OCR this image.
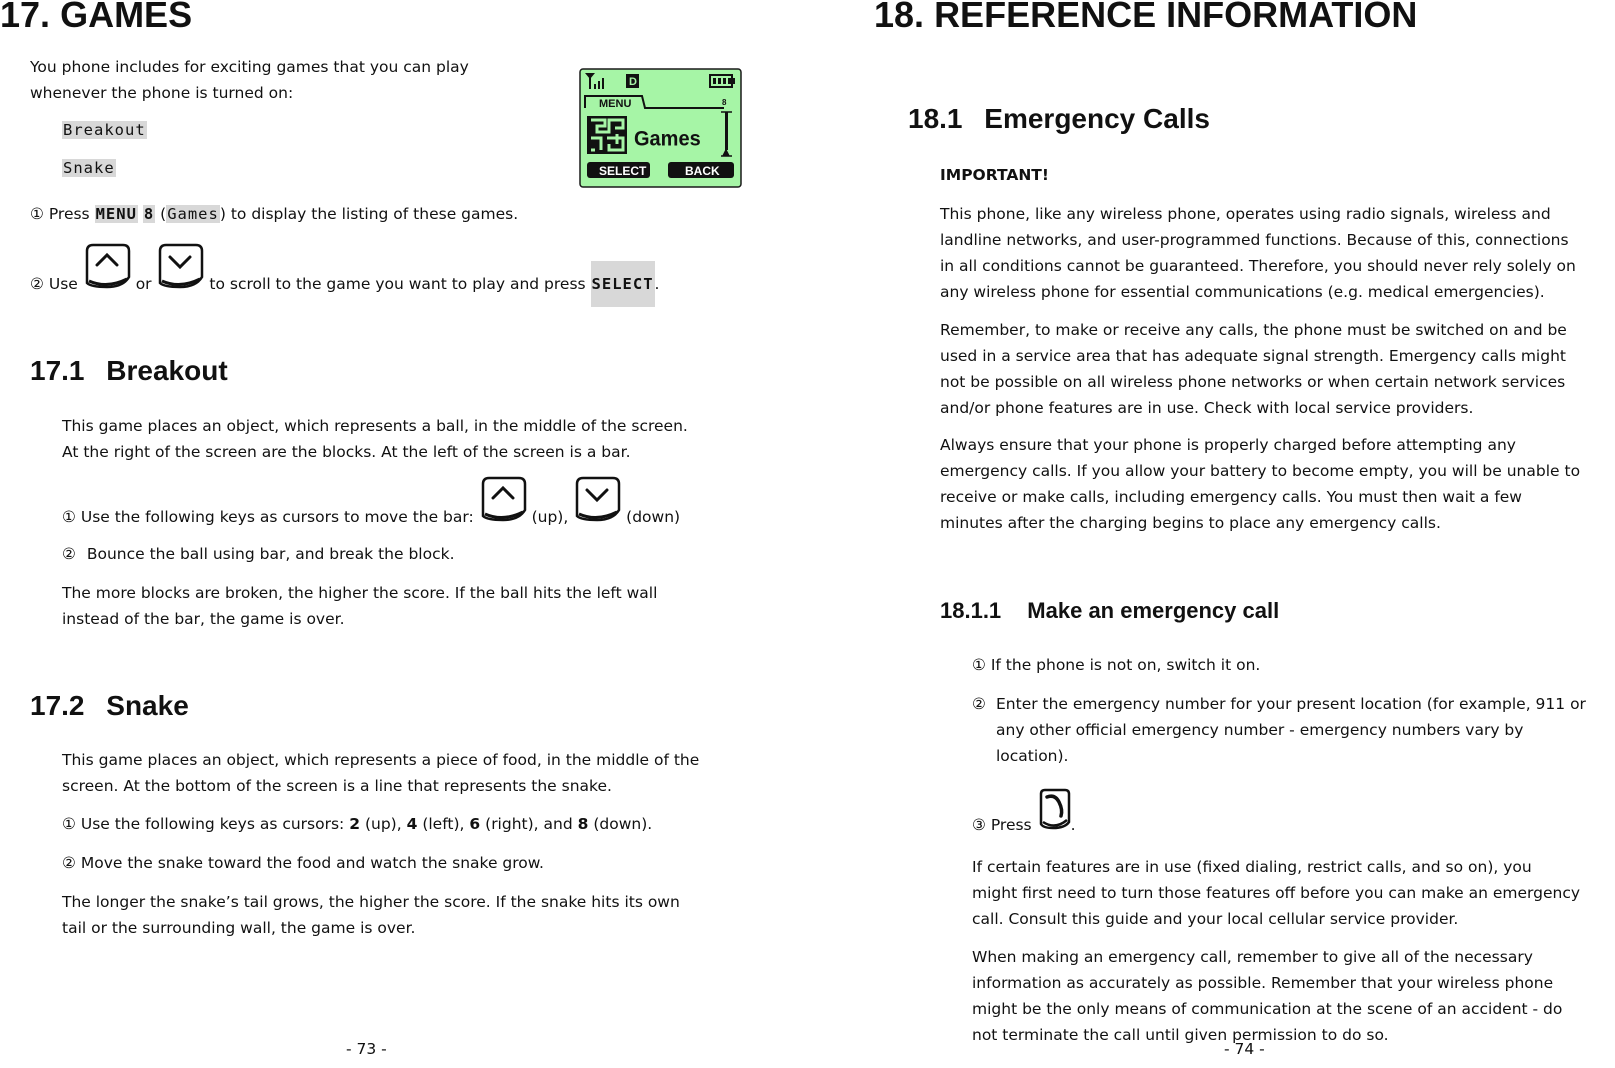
17. GAMES
You phone includes for exciting games that you can play
whenever the phone is turned on:
Breakout
Snake
D
MENU	8
Games
SELECT	BACK
① Press MENU 8 (Games) to display the listing of these games.
② Use	or	to scroll to the game you want to play and press SELECT.
17.1 Breakout
This game places an object, which represents a ball, in the middle of the screen.
At the right of the screen are the blocks. At the left of the screen is a bar.
① Use the following keys as cursors to move the bar:	(up),	(down)
② Bounce the ball using bar, and break the block.
The more blocks are broken, the higher the score. If the ball hits the left wall
instead of the bar, the game is over.
17.2 Snake
This game places an object, which represents a piece of food, in the middle of the
screen. At the bottom of the screen is a line that represents the snake.
① Use the following keys as cursors: 2 (up), 4 (left), 6 (right), and 8 (down).
② Move the snake toward the food and watch the snake grow.
The longer the snake’s tail grows, the higher the score. If the snake hits its own
tail or the surrounding wall, the game is over.
- 73 -
18. REFERENCE INFORMATION
18.1 Emergency Calls
IMPORTANT!
This phone, like any wireless phone, operates using radio signals, wireless and
landline networks, and user-programmed functions. Because of this, connections
in all conditions cannot be guaranteed. Therefore, you should never rely solely on
any wireless phone for essential communications (e.g. medical emergencies).
Remember, to make or receive any calls, the phone must be switched on and be
used in a service area that has adequate signal strength. Emergency calls might
not be possible on all wireless phone networks or when certain network services
and/or phone features are in use. Check with local service providers.
Always ensure that your phone is properly charged before attempting any
emergency calls. If you allow your battery to become empty, you will be unable to
receive or make calls, including emergency calls. You must then wait a few
minutes after the charging begins to place any emergency calls.
18.1.1 Make an emergency call
① If the phone is not on, switch it on.
② Enter the emergency number for your present location (for example, 911 or
any other official emergency number - emergency numbers vary by
location).
③ Press	.
If certain features are in use (fixed dialing, restrict calls, and so on), you
might first need to turn those features off before you can make an emergency
call. Consult this guide and your local cellular service provider.
When making an emergency call, remember to give all of the necessary
information as accurately as possible. Remember that your wireless phone
might be the only means of communication at the scene of an accident - do
not terminate the call until given permission to do so.
- 74 -
